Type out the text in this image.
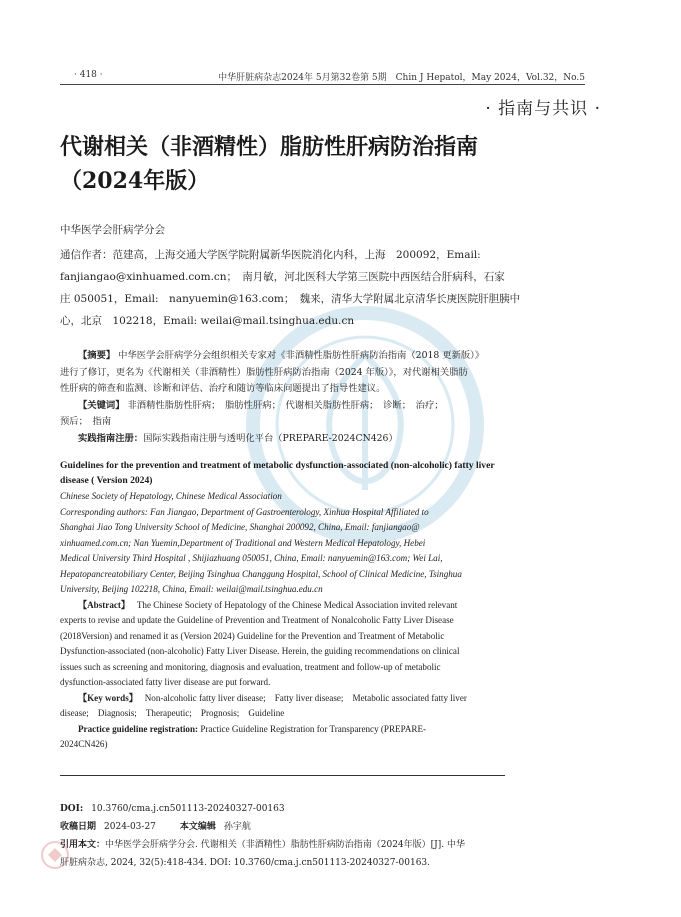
· 418 ·	中华肝脏病杂志2024年 5月第32卷第 5期　Chin J Hepatol，May 2024，Vol.32，No.5
· 指南与共识 ·
代谢相关（非酒精性）脂肪性肝病防治指南
（2024年版）
中华医学会肝病学分会
通信作者：范建高，上海交通大学医学院附属新华医院消化内科，上海　200092，Email:
fanjiangao@xinhuamed.com.cn；　南月敏，河北医科大学第三医院中西医结合肝病科，石家
庄 050051，Email:　nanyuemin@163.com；　魏来，清华大学附属北京清华长庚医院肝胆胰中
心，北京　102218，Email: weilai@mail.tsinghua.edu.cn
【摘要】 中华医学会肝病学分会组织相关专家对《非酒精性脂肪性肝病防治指南（2018 更新版）》
进行了修订，更名为《代谢相关（非酒精性）脂肪性肝病防治指南（2024 年版）》，对代谢相关脂肪
性肝病的筛查和监测、诊断和评估、治疗和随访等临床问题提出了指导性建议。
【关键词】 非酒精性脂肪性肝病；　脂肪性肝病；　代谢相关脂肪性肝病；　诊断；　治疗；
预后；　指南
实践指南注册：国际实践指南注册与透明化平台（PREPARE-2024CN426）
Guidelines for the prevention and treatment of metabolic dysfunction-associated (non-alcoholic) fatty liver
disease ( Version 2024)
Chinese Society of Hepatology, Chinese Medical Association
Corresponding authors: Fan Jiangao, Department of Gastroenterology, Xinhua Hospital Affiliated to
Shanghai Jiao Tong University School of Medicine, Shanghai 200092, China, Email: fanjiangao@
xinhuamed.com.cn; Nan Yuemin,Department of Traditional and Western Medical Hepatology, Hebei
Medical University Third Hospital , Shijiazhuang 050051, China, Email: nanyuemin@163.com; Wei Lai,
Hepatopancreatobiliary Center, Beijing Tsinghua Changgung Hospital, School of Clinical Medicine, Tsinghua
University, Beijing 102218, China, Email: weilai@mail.tsinghua.edu.cn
【Abstract】 The Chinese Society of Hepatology of the Chinese Medical Association invited relevant
experts to revise and update the Guideline of Prevention and Treatment of Nonalcoholic Fatty Liver Disease
(2018Version) and renamed it as (Version 2024) Guideline for the Prevention and Treatment of Metabolic
Dysfunction-associated (non-alcoholic) Fatty Liver Disease. Herein, the guiding recommendations on clinical
issues such as screening and monitoring, diagnosis and evaluation, treatment and follow-up of metabolic
dysfunction-associated fatty liver disease are put forward.
【Key words】 Non-alcoholic fatty liver disease;　Fatty liver disease;　Metabolic associated fatty liver
disease;　Diagnosis;　Therapeutic;　Prognosis;　Guideline
Practice guideline registration: Practice Guideline Registration for Transparency (PREPARE-
2024CN426)
DOI: 10.3760/cma.j.cn501113-20240327-00163
收稿日期 2024-03-27	本文编辑 孙宇航
引用本文：中华医学会肝病学分会. 代谢相关（非酒精性）脂肪性肝病防治指南（2024年版）[J]. 中华
肝脏病杂志, 2024, 32(5):418-434. DOI: 10.3760/cma.j.cn501113-20240327-00163.
